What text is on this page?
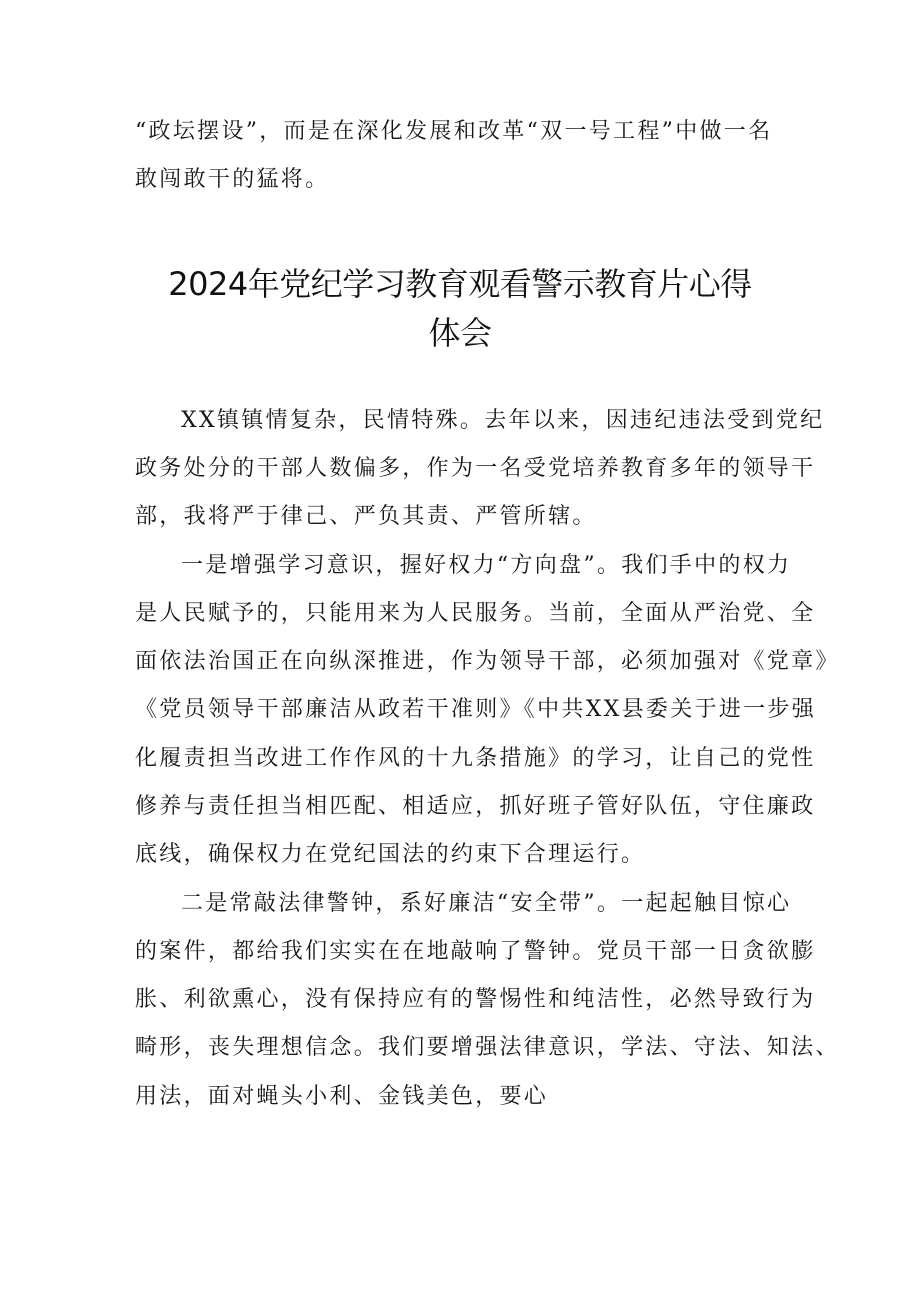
“政坛摆设”，而是在深化发展和改革“双一号工程”中做一名
敢闯敢干的猛将。
2024年党纪学习教育观看警示教育片心得
体会
XX镇镇情复杂，民情特殊。去年以来，因违纪违法受到党纪
政务处分的干部人数偏多，作为一名受党培养教育多年的领导干
部，我将严于律己、严负其责、严管所辖。
一是增强学习意识，握好权力“方向盘”。我们手中的权力
是人民赋予的，只能用来为人民服务。当前，全面从严治党、全
面依法治国正在向纵深推进，作为领导干部，必须加强对《党章》
《党员领导干部廉洁从政若干准则》《中共XX县委关于进一步强
化履责担当改进工作作风的十九条措施》的学习，让自己的党性
修养与责任担当相匹配、相适应，抓好班子管好队伍，守住廉政
底线，确保权力在党纪国法的约束下合理运行。
二是常敲法律警钟，系好廉洁“安全带”。一起起触目惊心
的案件，都给我们实实在在地敲响了警钟。党员干部一日贪欲膨
胀、利欲熏心，没有保持应有的警惕性和纯洁性，必然导致行为
畸形，丧失理想信念。我们要增强法律意识，学法、守法、知法、
用法，面对蝇头小利、金钱美色，要心
